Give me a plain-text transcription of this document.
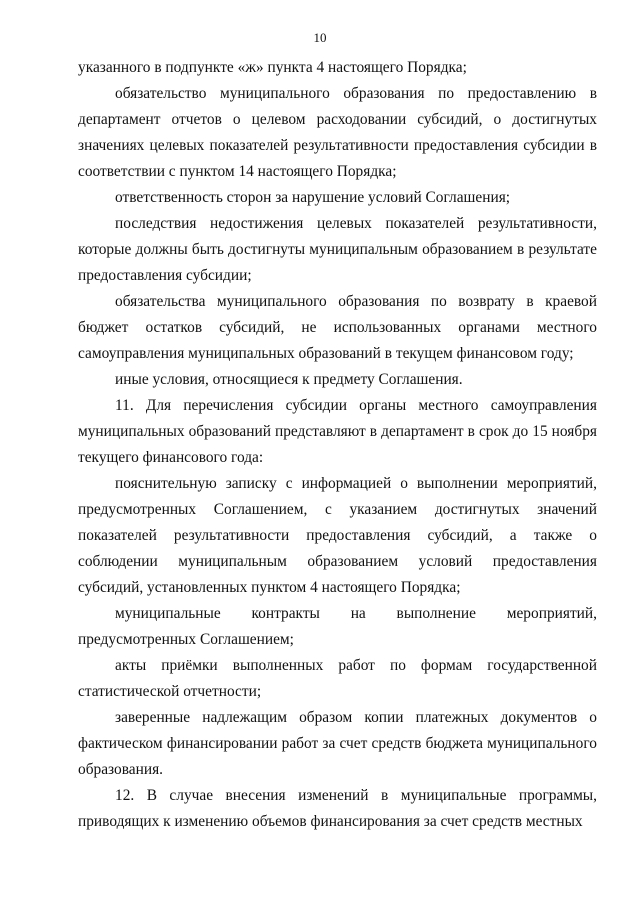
10

указанного в подпункте «ж» пункта 4 настоящего Порядка;

обязательство муниципального образования по предоставлению в департамент отчетов о целевом расходовании субсидий, о достигнутых значениях целевых показателей результативности предоставления субсидии в соответствии с пунктом 14 настоящего Порядка;

ответственность сторон за нарушение условий Соглашения;

последствия недостижения целевых показателей результативности, которые должны быть достигнуты муниципальным образованием в результате предоставления субсидии;

обязательства муниципального образования по возврату в краевой бюджет остатков субсидий, не использованных органами местного самоуправления муниципальных образований в текущем финансовом году;

иные условия, относящиеся к предмету Соглашения.

11. Для перечисления субсидии органы местного самоуправления муниципальных образований представляют в департамент в срок до 15 ноября текущего финансового года:

пояснительную записку с информацией о выполнении мероприятий, предусмотренных Соглашением, с указанием достигнутых значений показателей результативности предоставления субсидий, а также о соблюдении муниципальным образованием условий предоставления субсидий, установленных пунктом 4 настоящего Порядка;

муниципальные контракты на выполнение мероприятий, предусмотренных Соглашением;

акты приёмки выполненных работ по формам государственной статистической отчетности;

заверенные надлежащим образом копии платежных документов о фактическом финансировании работ за счет средств бюджета муниципального образования.

12. В случае внесения изменений в муниципальные программы, приводящих к изменению объемов финансирования за счет средств местных
